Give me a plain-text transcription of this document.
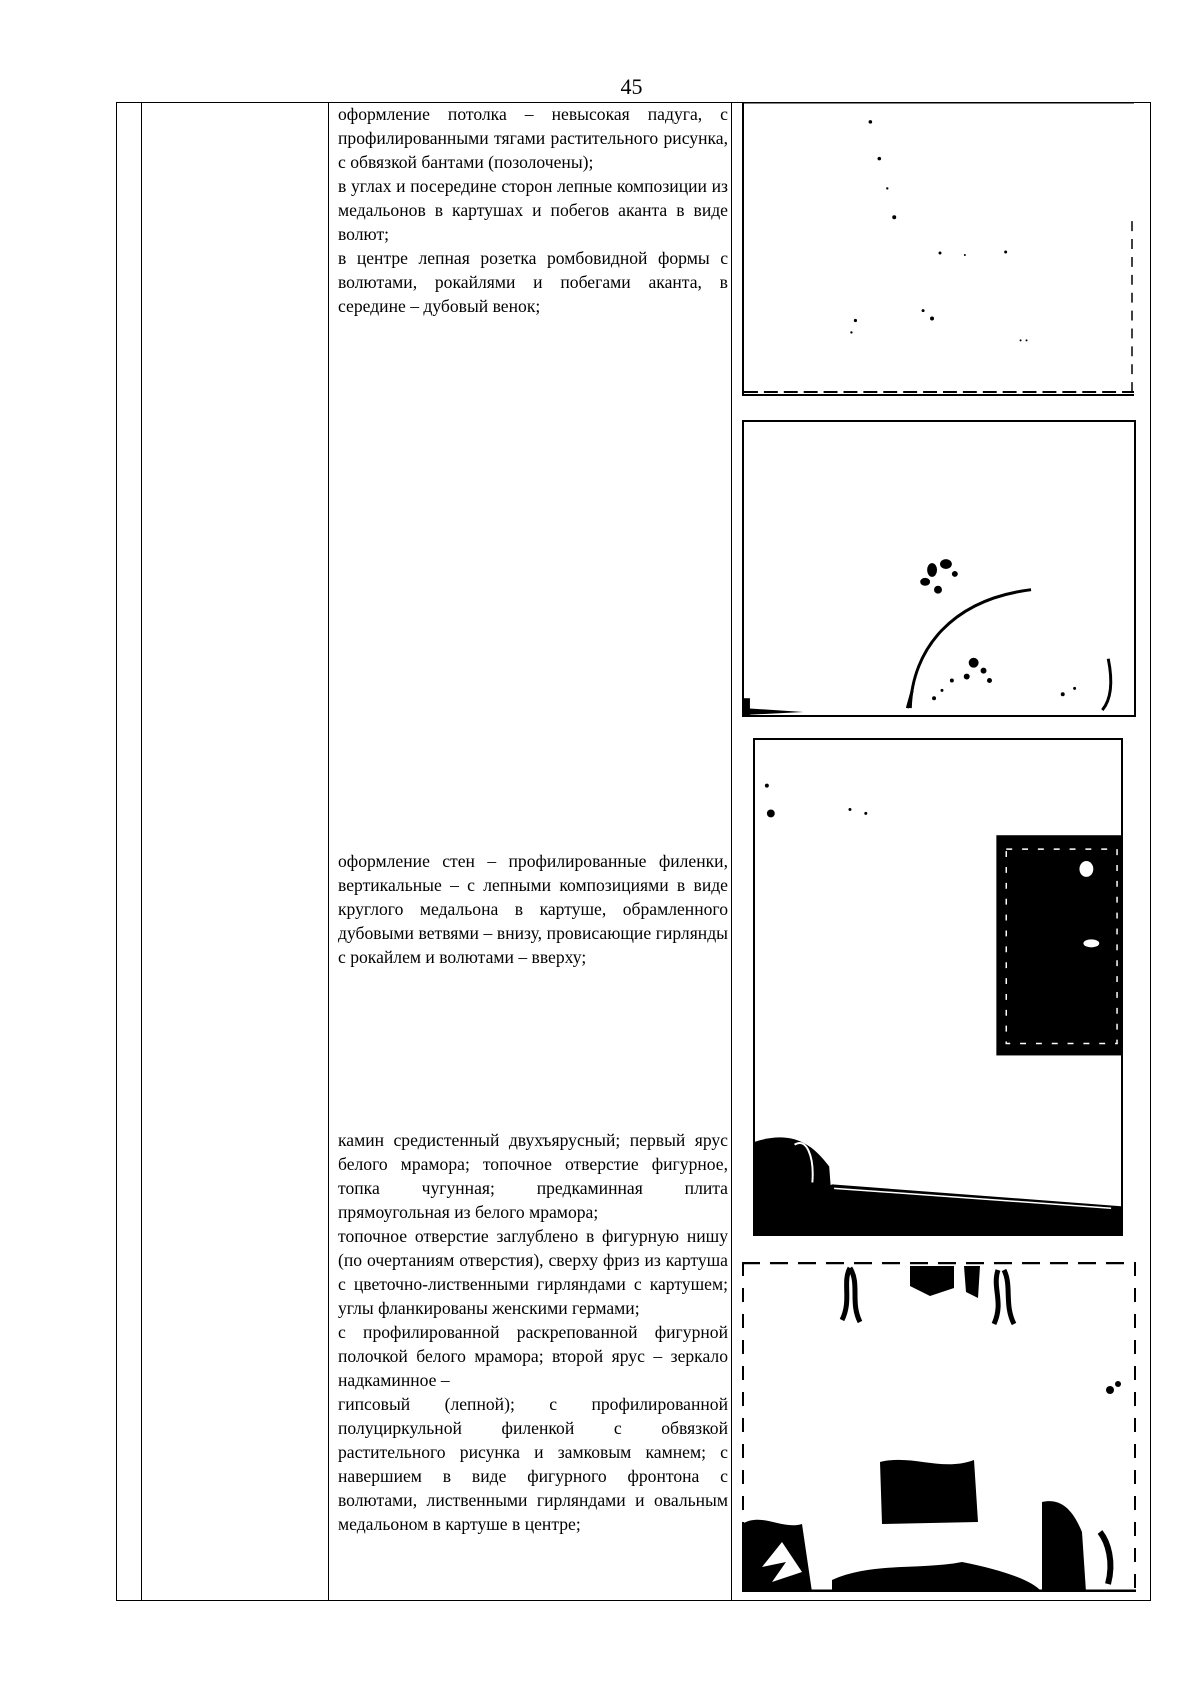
45

оформление потолка – невысокая падуга, с профилированными тягами растительного рисунка, с обвязкой бантами (позолочены);

в углах и посередине сторон лепные композиции из медальонов в картушах и побегов аканта в виде волют;

в центре лепная розетка ромбовидной формы с волютами, рокайлями и побегами аканта, в середине – дубовый венок;

оформление стен – профилированные филенки, вертикальные – с лепными композициями в виде круглого медальона в картуше, обрамленного дубовыми ветвями – внизу, провисающие гирлянды с рокайлем и волютами – вверху;

камин средистенный двухъярусный; первый ярус белого мрамора; топочное отверстие фигурное, топка чугунная; предкаминная плита прямоугольная из белого мрамора;

топочное отверстие заглублено в фигурную нишу (по очертаниям отверстия), сверху фриз из картуша с цветочно-лиственными гирляндами с картушем; углы фланкированы женскими гермами;

с профилированной раскрепованной фигурной полочкой белого мрамора; второй ярус – зеркало надкаминное –

гипсовый (лепной); с профилированной полуциркульной филенкой с обвязкой растительного рисунка и замковым камнем; с навершием в виде фигурного фронтона с волютами, лиственными гирляндами и овальным медальоном в картуше в центре;
